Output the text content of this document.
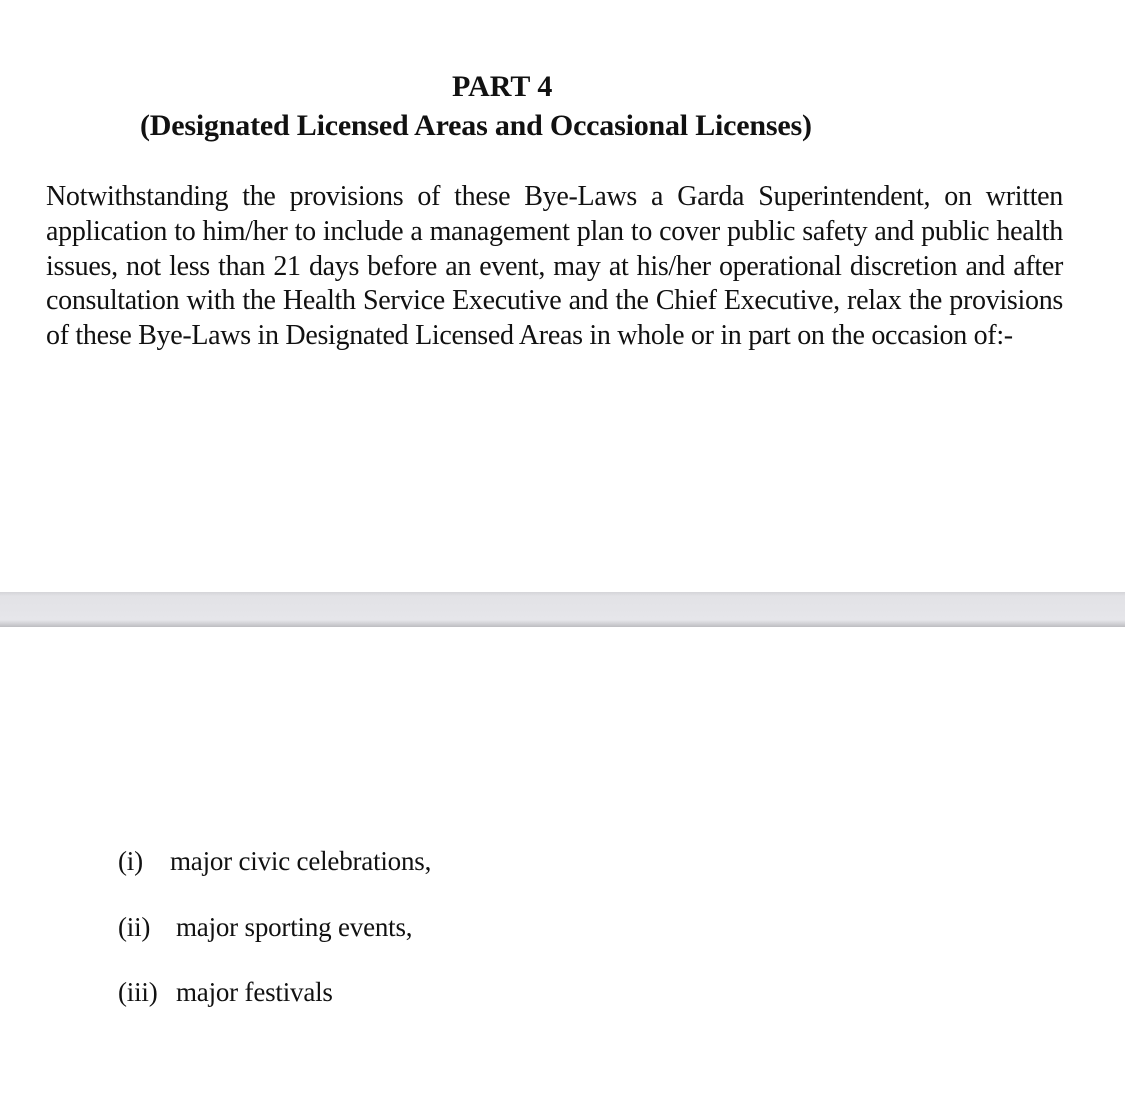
PART 4
(Designated Licensed Areas and Occasional Licenses)

Notwithstanding the provisions of these Bye-Laws a Garda Superintendent, on written application to him/her to include a management plan to cover public safety and public health issues, not less than 21 days before an event, may at his/her operational discretion and after consultation with the Health Service Executive and the Chief Executive, relax the provisions of these Bye-Laws in Designated Licensed Areas in whole or in part on the occasion of:-

(i) major civic celebrations,
(ii) major sporting events,
(iii) major festivals
